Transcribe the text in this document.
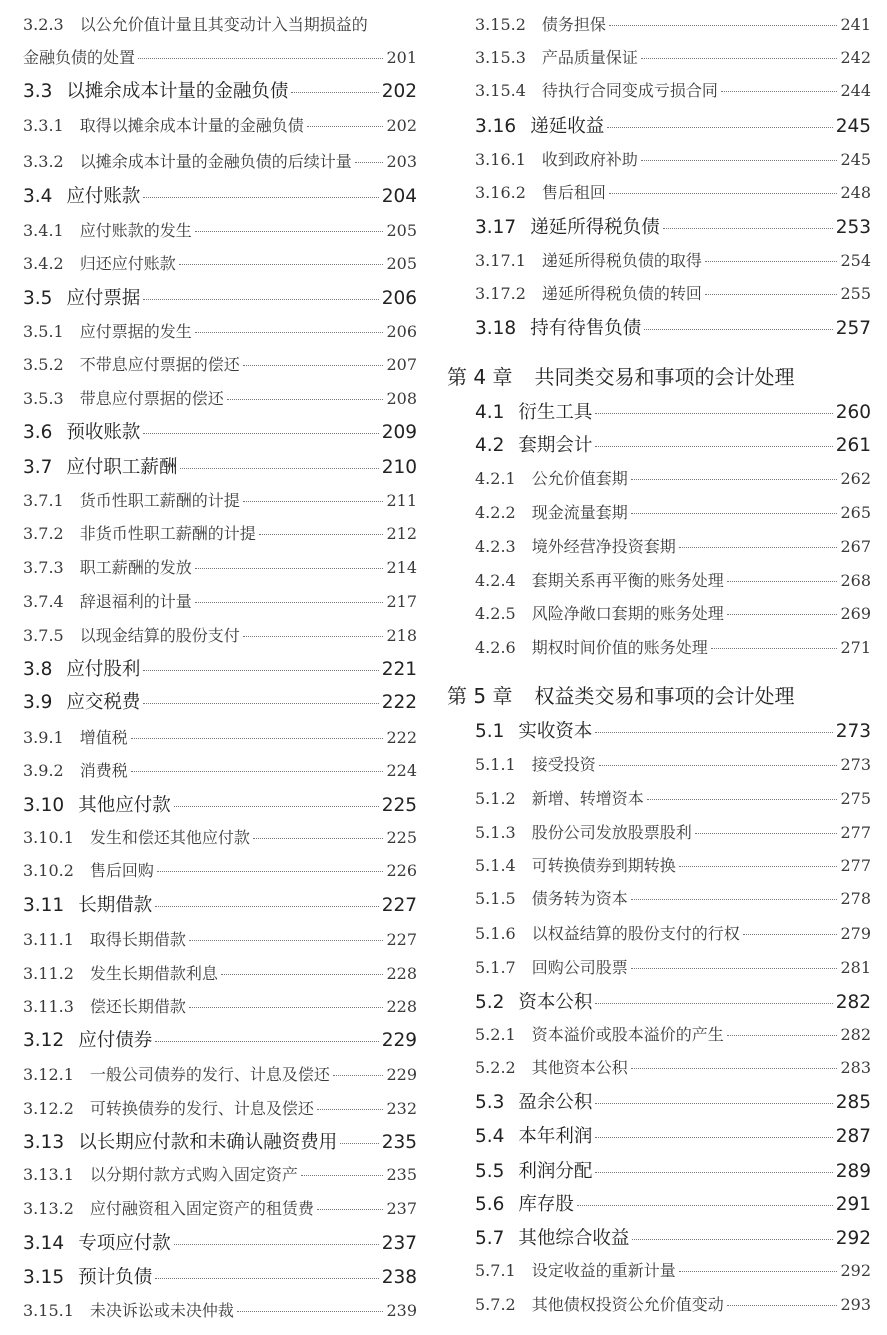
3.2.3 以公允价值计量且其变动计入当期损益的
金融负债的处置	201
3.3 以摊余成本计量的金融负债	202
3.3.1 取得以摊余成本计量的金融负债	202
3.3.2 以摊余成本计量的金融负债的后续计量 203
3.4 应付账款	204
3.4.1 应付账款的发生	205
3.4.2 归还应付账款	205
3.5 应付票据	206
3.5.1 应付票据的发生	206
3.5.2 不带息应付票据的偿还	207
3.5.3 带息应付票据的偿还	208
3.6 预收账款	209
3.7 应付职工薪酬	210
3.7.1 货币性职工薪酬的计提	211
3.7.2 非货币性职工薪酬的计提	212
3.7.3 职工薪酬的发放	214
3.7.4 辞退福利的计量	217
3.7.5 以现金结算的股份支付	218
3.8 应付股利	221
3.9 应交税费	222
3.9.1 增值税	222
3.9.2 消费税	224
3.10 其他应付款	225
3.10.1 发生和偿还其他应付款	225
3.10.2 售后回购	226
3.11 长期借款	227
3.11.1 取得长期借款	227
3.11.2 发生长期借款利息	228
3.11.3 偿还长期借款	228
3.12 应付债券	229
3.12.1 一般公司债券的发行、计息及偿还	229
3.12.2 可转换债券的发行、计息及偿还	232
3.13 以长期应付款和未确认融资费用 235
3.13.1 以分期付款方式购入固定资产	235
3.13.2 应付融资租入固定资产的租赁费	237
3.14 专项应付款	237
3.15 预计负债	238
3.15.1 未决诉讼或未决仲裁	239
3.15.2 债务担保	241
3.15.3 产品质量保证	242
3.15.4 待执行合同变成亏损合同	244
3.16 递延收益	245
3.16.1 收到政府补助	245
3.16.2 售后租回	248
3.17 递延所得税负债	253
3.17.1 递延所得税负债的取得	254
3.17.2 递延所得税负债的转回	255
3.18 持有待售负债	257
第 4 章 共同类交易和事项的会计处理
4.1 衍生工具	260
4.2 套期会计	261
4.2.1 公允价值套期	262
4.2.2 现金流量套期	265
4.2.3 境外经营净投资套期	267
4.2.4 套期关系再平衡的账务处理	268
4.2.5 风险净敞口套期的账务处理	269
4.2.6 期权时间价值的账务处理	271
第 5 章 权益类交易和事项的会计处理
5.1 实收资本	273
5.1.1 接受投资	273
5.1.2 新增、转增资本	275
5.1.3 股份公司发放股票股利	277
5.1.4 可转换债券到期转换	277
5.1.5 债务转为资本	278
5.1.6 以权益结算的股份支付的行权	279
5.1.7 回购公司股票	281
5.2 资本公积	282
5.2.1 资本溢价或股本溢价的产生	282
5.2.2 其他资本公积	283
5.3 盈余公积	285
5.4 本年利润	287
5.5 利润分配	289
5.6 库存股	291
5.7 其他综合收益	292
5.7.1 设定收益的重新计量	292
5.7.2 其他债权投资公允价值变动	293
